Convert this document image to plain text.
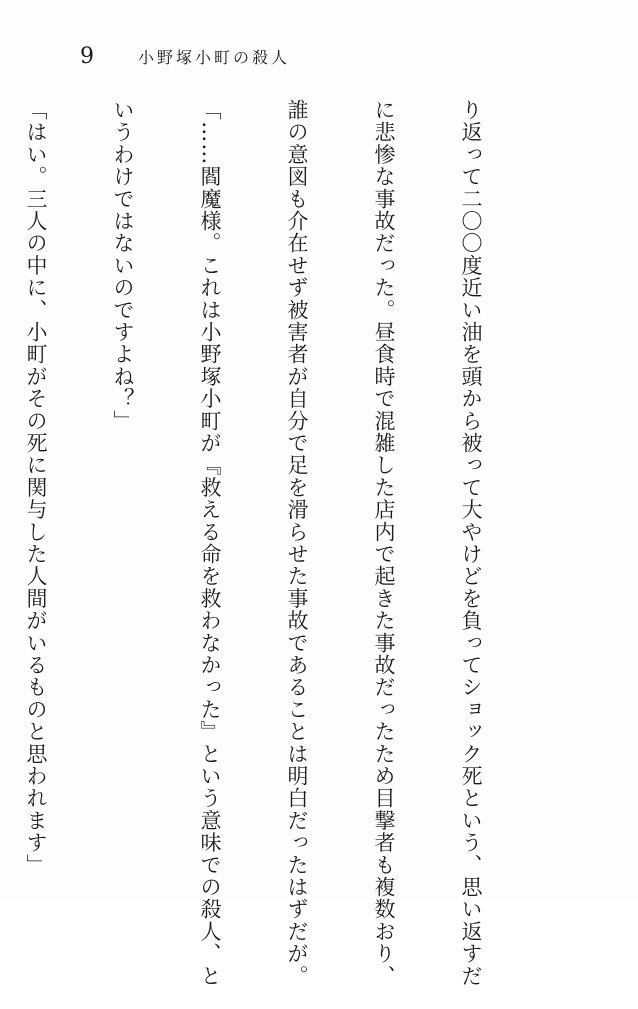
9	小野塚小町の殺人

り返って二〇〇度近い油を頭から被って大やけどを負ってショック死という、思い返すだ

に悲惨な事故だった。昼食時で混雑した店内で起きた事故だったため目撃者も複数おり、

誰の意図も介在せず被害者が自分で足を滑らせた事故であることは明白だったはずだが。

「……閻魔様。これは小野塚小町が『救える命を救わなかった』という意味での殺人、と

いうわけではないのですよね？」

「はい。三人の中に、小町がその死に関与した人間がいるものと思われます」
